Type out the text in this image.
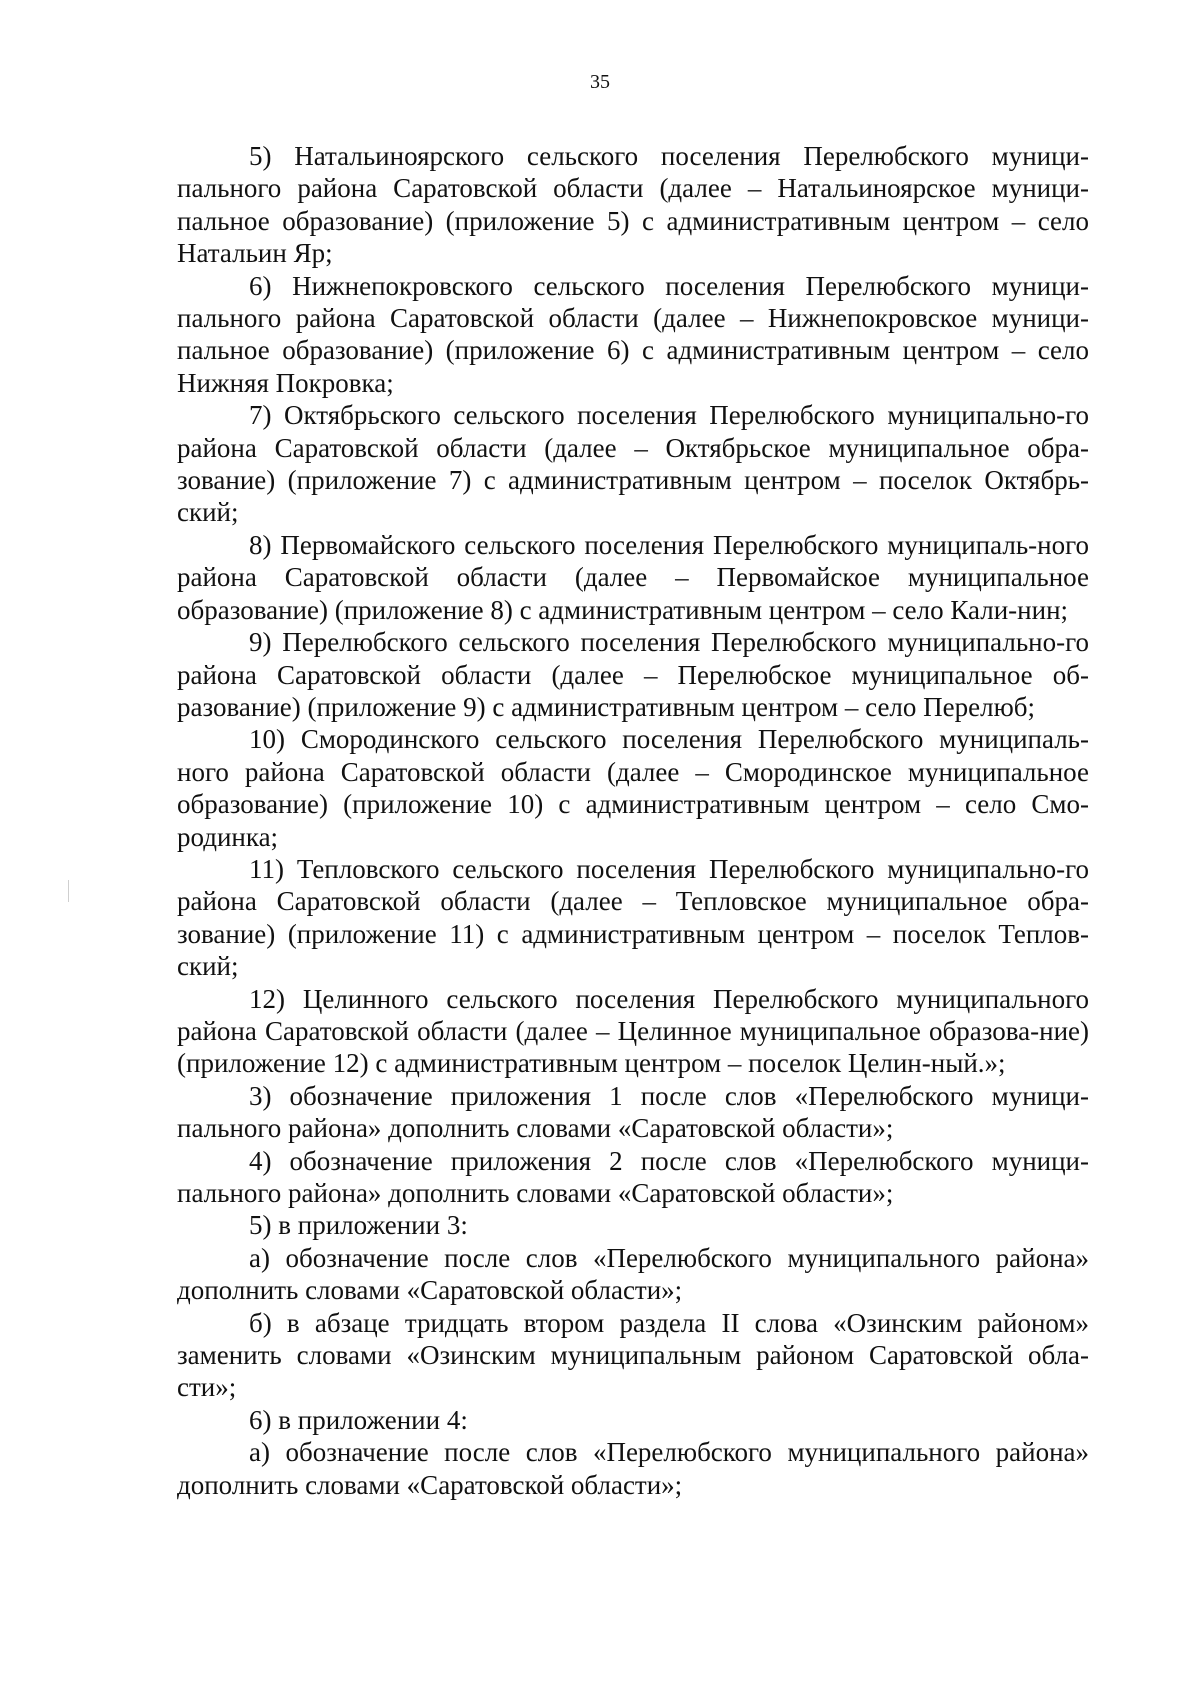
35

5) Натальиноярского сельского поселения Перелюбского муници-пального района Саратовской области (далее – Натальиноярское муници-пальное образование) (приложение 5) с административным центром – село Натальин Яр;

6) Нижнепокровского сельского поселения Перелюбского муници-пального района Саратовской области (далее – Нижнепокровское муници-пальное образование) (приложение 6) с административным центром – село Нижняя Покровка;

7) Октябрьского сельского поселения Перелюбского муниципально-го района Саратовской области (далее – Октябрьское муниципальное обра-зование) (приложение 7) с административным центром – поселок Октябрь-ский;

8) Первомайского сельского поселения Перелюбского муниципаль-ного района Саратовской области (далее – Первомайское муниципальное образование) (приложение 8) с административным центром – село Кали-нин;

9) Перелюбского сельского поселения Перелюбского муниципально-го района Саратовской области (далее – Перелюбское муниципальное об-разование) (приложение 9) с административным центром – село Перелюб;

10) Смородинского сельского поселения Перелюбского муниципаль-ного района Саратовской области (далее – Смородинское муниципальное образование) (приложение 10) с административным центром – село Смо-родинка;

11) Тепловского сельского поселения Перелюбского муниципально-го района Саратовской области (далее – Тепловское муниципальное обра-зование) (приложение 11) с административным центром – поселок Теплов-ский;

12) Целинного сельского поселения Перелюбского муниципального района Саратовской области (далее – Целинное муниципальное образова-ние) (приложение 12) с административным центром – поселок Целин-ный.»;

3) обозначение приложения 1 после слов «Перелюбского муници-пального района» дополнить словами «Саратовской области»;

4) обозначение приложения 2 после слов «Перелюбского муници-пального района» дополнить словами «Саратовской области»;

5) в приложении 3:

а) обозначение после слов «Перелюбского муниципального района» дополнить словами «Саратовской области»;

б) в абзаце тридцать втором раздела II слова «Озинским районом» заменить словами «Озинским муниципальным районом Саратовской обла-сти»;

6) в приложении 4:

а) обозначение после слов «Перелюбского муниципального района» дополнить словами «Саратовской области»;
